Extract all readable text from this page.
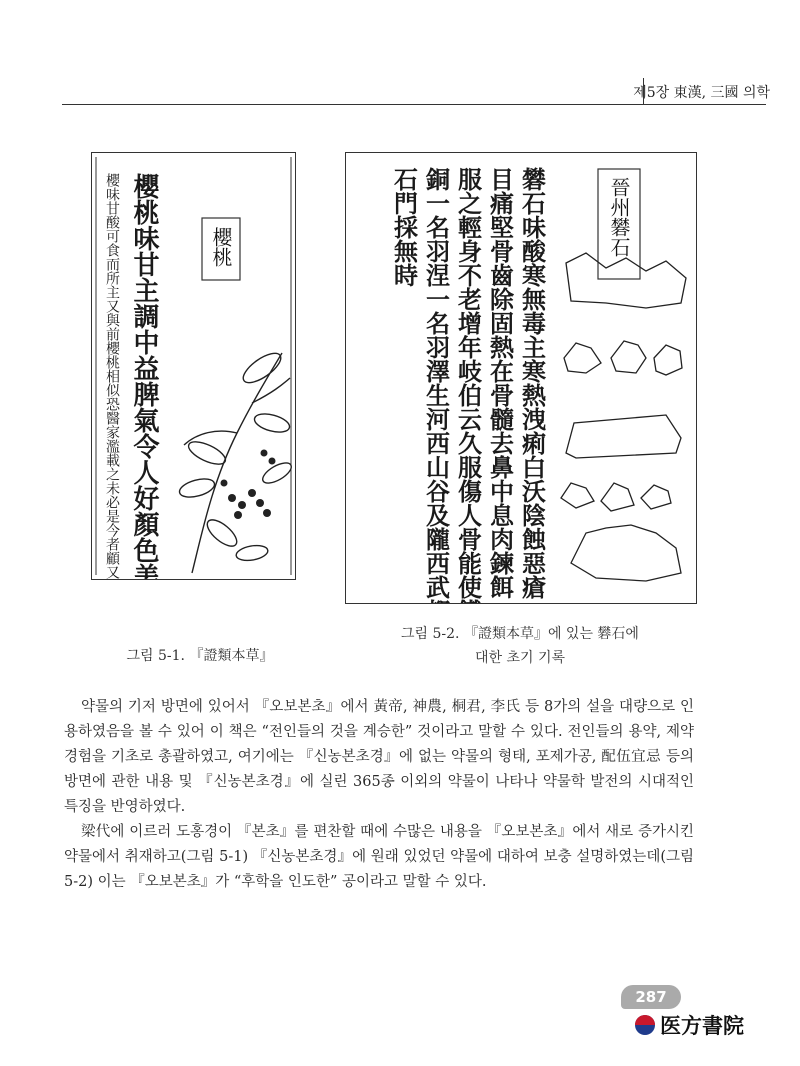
제5장 東漢, 三國 의학
櫻桃味甘主調中益脾氣令人好顏色美志
櫻味甘酸可食而所主又與前櫻桃相似恐醫家濫載之未必是今者顧又胡顏子葉冬不凋子亦礙益人或云寒熱病不可食	櫻桃
그림 5-1. 『證類本草』
礬石味酸寒無毒主寒熱洩痢白沃陰蝕惡瘡
目痛堅骨齒除固熱在骨髓去鼻中息肉鍊餌
服之輕身不老增年岐伯云久服傷人骨能使鐵爲
銅一名羽涅一名羽澤生河西山谷及隴西武都
石門採無時	晉州礬石
그림 5-2. 『證類本草』에 있는 礬石에
대한 초기 기록

약물의 기저 방면에 있어서 『오보본초』에서 黃帝, 神農, 桐君, 李氏 등 8가의 설을 대량으로 인용하였음을 볼 수 있어 이 책은 “전인들의 것을 계승한” 것이라고 말할 수 있다. 전인들의 용약, 제약 경험을 기초로 총괄하였고, 여기에는 『신농본초경』에 없는 약물의 형태, 포제가공, 配伍宜忌 등의 방면에 관한 내용 및 『신농본초경』에 실린 365종 이외의 약물이 나타나 약물학 발전의 시대적인 특징을 반영하였다.

梁代에 이르러 도홍경이 『본초』를 편찬할 때에 수많은 내용을 『오보본초』에서 새로 증가시킨 약물에서 취재하고(그림 5-1) 『신농본초경』에 원래 있었던 약물에 대하여 보충 설명하였는데(그림 5-2) 이는 『오보본초』가 “후학을 인도한” 공이라고 말할 수 있다.

287
医方書院
